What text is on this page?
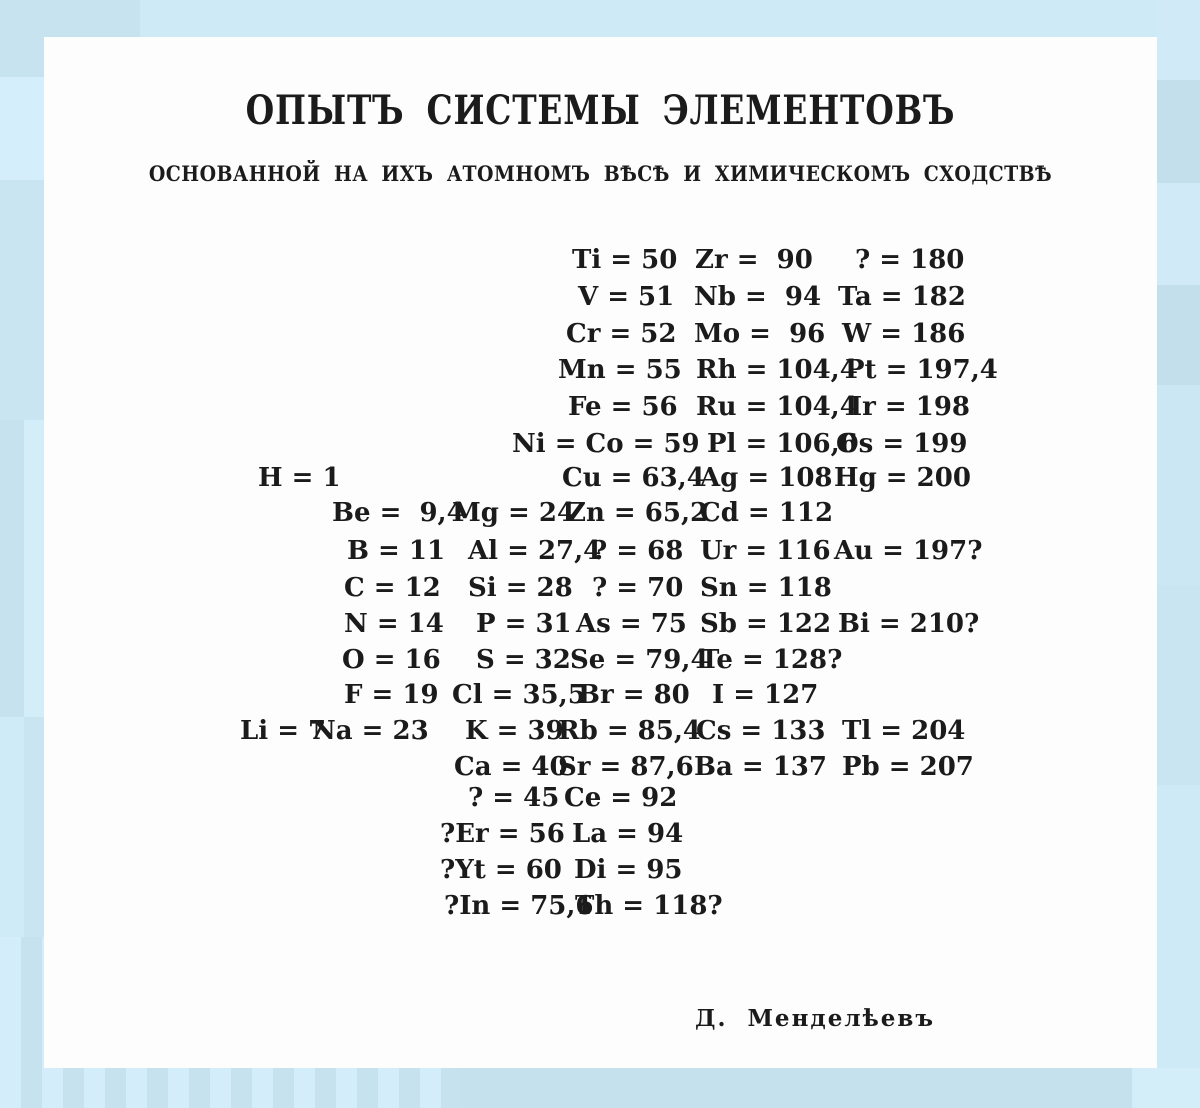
ОПЫТЪ СИСТЕМЫ ЭЛЕМЕНТОВЪ
ОСНОВАННОЙ НА ИХЪ АТОМНОМЪ ВѢСѢ И ХИМИЧЕСКОМЪ СХОДСТВѢ
Ti = 50 Zr =  90 ? = 180
V = 51 Nb =  94 Ta = 182
Cr = 52 Mo =  96 W = 186
Mn = 55 Rh = 104,4
Pt = 197,4
Fe = 56 Ru = 104,4
Ir = 198
Ni = Co = 59 Pl = 106,6
Os = 199
H = 1	Cu = 63,4
Ag = 108 Hg = 200
Be =  9,4
Mg = 24
Zn = 65,2
Cd = 112
B = 11 Al = 27,4
? = 68 Ur = 116 Au = 197?
C = 12 Si = 28 ? = 70 Sn = 118
N = 14 P = 31 As = 75 Sb = 122 Bi = 210?
O = 16 S = 32 Se = 79,4
Te = 128?
F = 19 Cl = 35,5
Br = 80 I = 127
Li = 7
Na = 23 K = 39
Rb = 85,4
Cs = 133 Tl = 204
Ca = 40
Sr = 87,6 Ba = 137 Pb = 207
? = 45 Ce = 92
?Er = 56 La = 94
?Yt = 60 Di = 95
?In = 75,6
Th = 118?
Д.  Менделѣевъ
